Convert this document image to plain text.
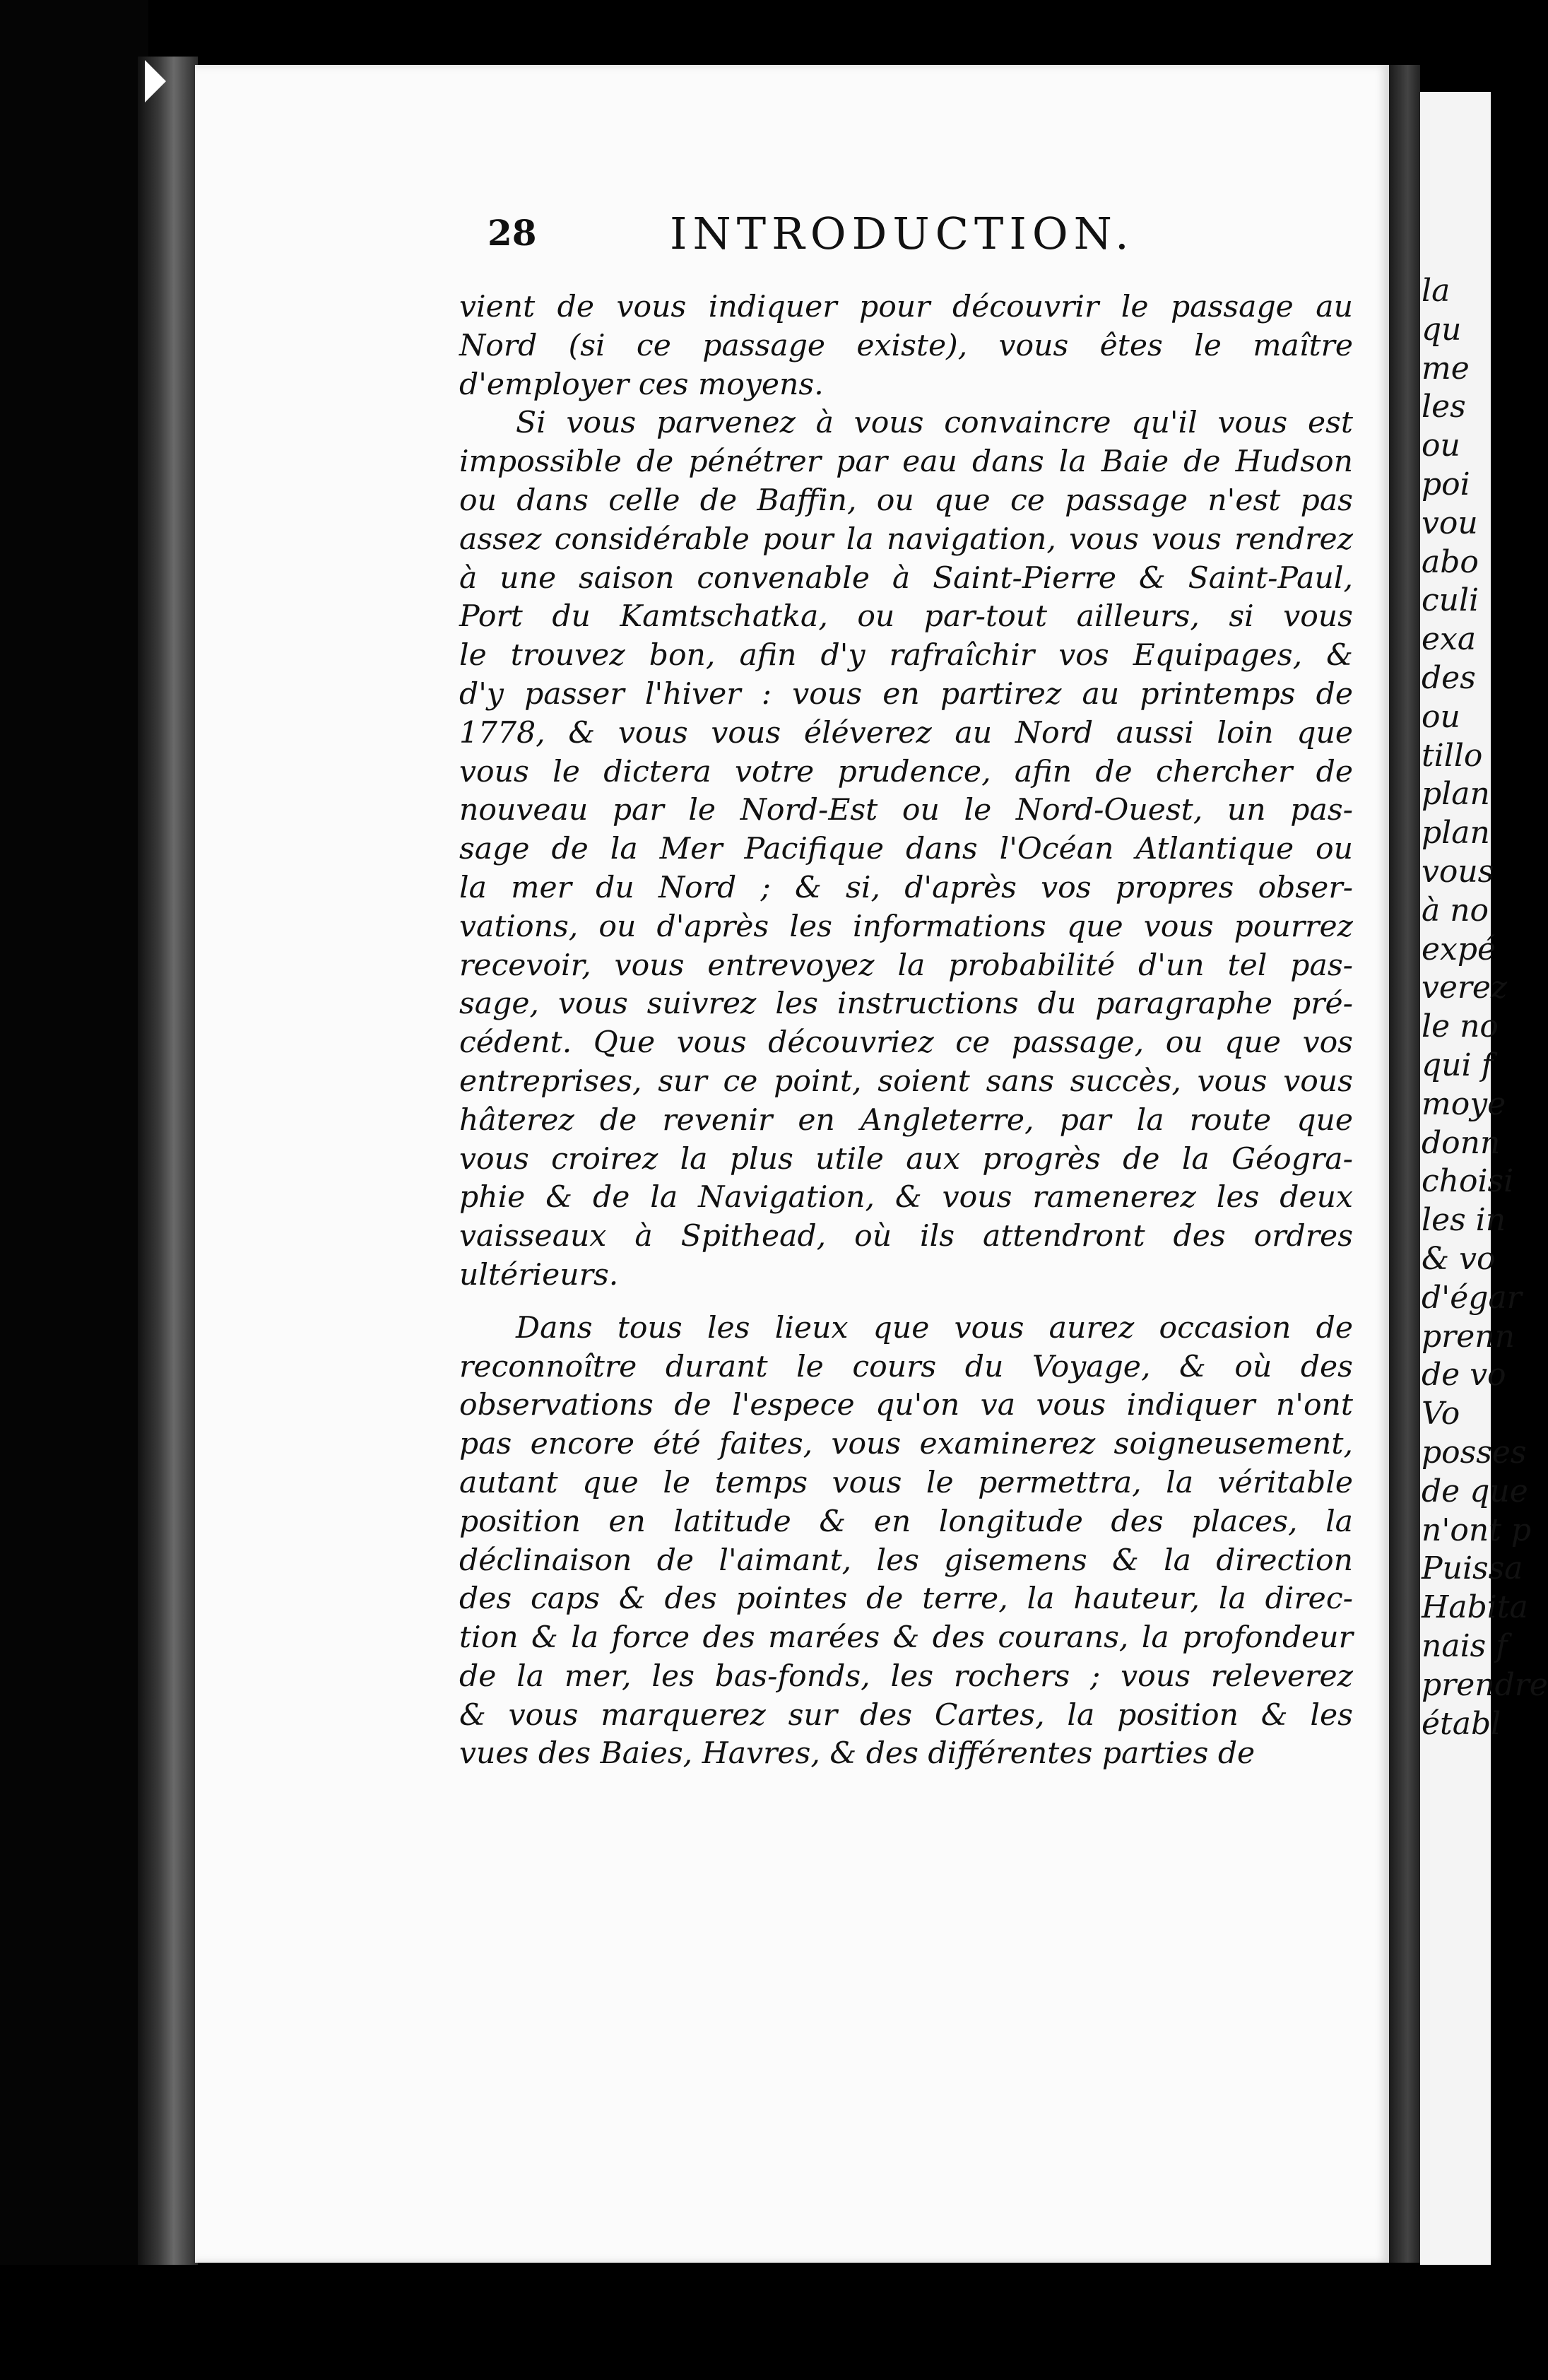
la
qu
me
les
ou
poi
vou
abo
culi
exa
des
ou
tillo
plan
plan
vous
à no
expé
verez
le no
qui f
moye
donn
choisi
les in
& vo
d'égar
prenn
de vo
Vo
posses
de que
n'ont p
Puissa
Habita
nais f
prendre
établ
28	INTRODUCTION.
vient de vous indiquer pour découvrir le passage au
Nord (si ce passage existe), vous êtes le maître
d'employer ces moyens.
Si vous parvenez à vous convaincre qu'il vous est
impossible de pénétrer par eau dans la Baie de Hudson
ou dans celle de Baffin, ou que ce passage n'est pas
assez considérable pour la navigation, vous vous rendrez
à une saison convenable à Saint-Pierre & Saint-Paul,
Port du Kamtschatka, ou par-tout ailleurs, si vous
le trouvez bon, afin d'y rafraîchir vos Equipages, &
d'y passer l'hiver : vous en partirez au printemps de
1778, & vous vous éléverez au Nord aussi loin que
vous le dictera votre prudence, afin de chercher de
nouveau par le Nord-Est ou le Nord-Ouest, un pas-
sage de la Mer Pacifique dans l'Océan Atlantique ou
la mer du Nord ; & si, d'après vos propres obser-
vations, ou d'après les informations que vous pourrez
recevoir, vous entrevoyez la probabilité d'un tel pas-
sage, vous suivrez les instructions du paragraphe pré-
cédent. Que vous découvriez ce passage, ou que vos
entreprises, sur ce point, soient sans succès, vous vous
hâterez de revenir en Angleterre, par la route que
vous croirez la plus utile aux progrès de la Géogra-
phie & de la Navigation, & vous ramenerez les deux
vaisseaux à Spithead, où ils attendront des ordres
ultérieurs.
Dans tous les lieux que vous aurez occasion de
reconnoître durant le cours du Voyage, & où des
observations de l'espece qu'on va vous indiquer n'ont
pas encore été faites, vous examinerez soigneusement,
autant que le temps vous le permettra, la véritable
position en latitude & en longitude des places, la
déclinaison de l'aimant, les gisemens & la direction
des caps & des pointes de terre, la hauteur, la direc-
tion & la force des marées & des courans, la profondeur
de la mer, les bas-fonds, les rochers ; vous releverez
& vous marquerez sur des Cartes, la position & les
vues des Baies, Havres, & des différentes parties de
